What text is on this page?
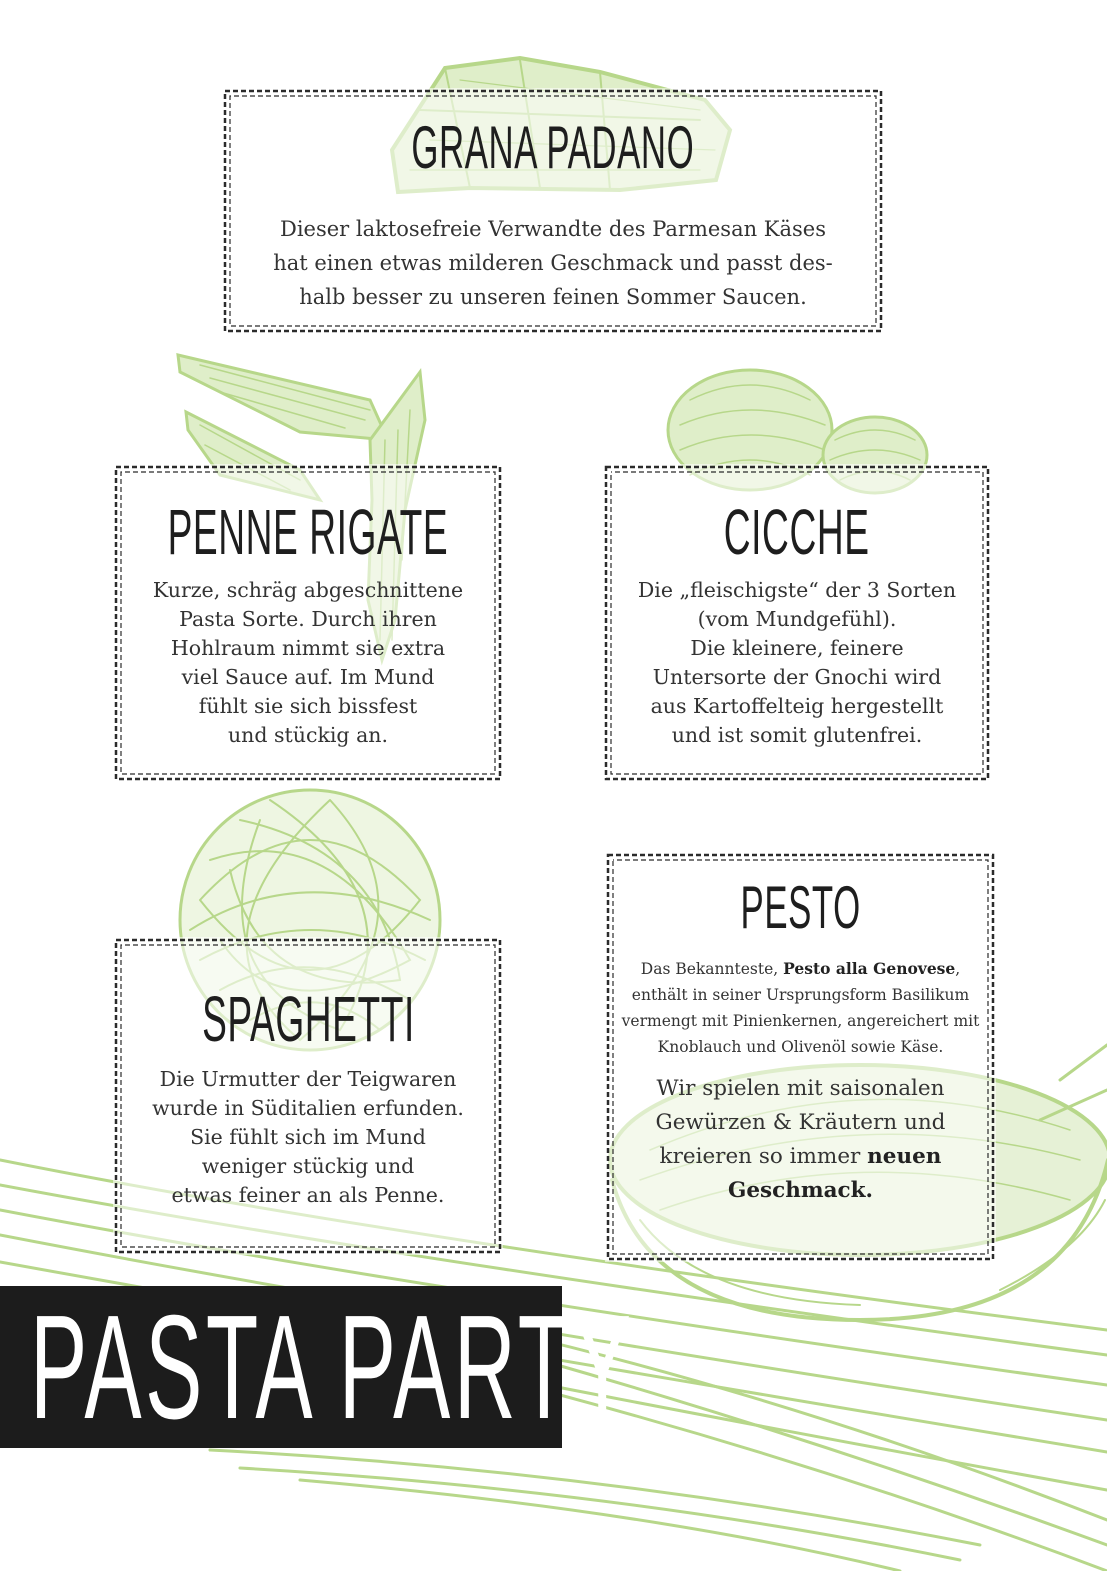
GRANA PADANO
Dieser laktosefreie Verwandte des Parmesan Käses
hat einen etwas milderen Geschmack und passt des-
halb besser zu unseren feinen Sommer Saucen.
PENNE RIGATE
Kurze, schräg abgeschnittene
Pasta Sorte. Durch ihren
Hohlraum nimmt sie extra
viel Sauce auf. Im Mund
fühlt sie sich bissfest
und stückig an.
CICCHE
Die „fleischigste“ der 3 Sorten
(vom Mundgefühl).
Die kleinere, feinere
Untersorte der Gnochi wird
aus Kartoffelteig hergestellt
und ist somit glutenfrei.
SPAGHETTI
Die Urmutter der Teigwaren
wurde in Süditalien erfunden.
Sie fühlt sich im Mund
weniger stückig und
etwas feiner an als Penne.
PESTO
Das Bekannteste, Pesto alla Genovese, enthält in seiner Ursprungsform Basilikum vermengt mit Pinienkernen, angereichert mit Knoblauch und Olivenöl sowie Käse.
Wir spielen mit saisonalen Gewürzen & Kräutern und kreieren so immer neuen Geschmack.
PASTA PARTY
